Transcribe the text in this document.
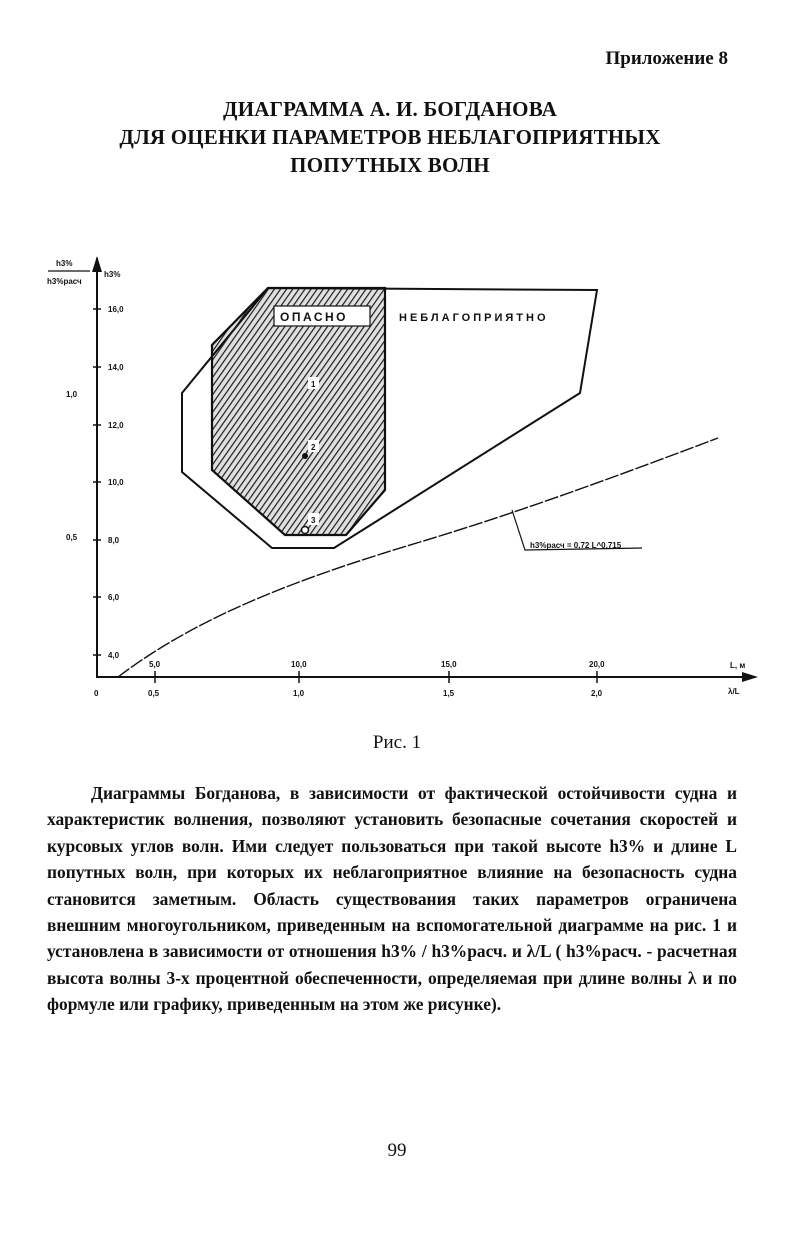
Приложение 8
ДИАГРАММА А. И. БОГДАНОВА
ДЛЯ ОЦЕНКИ ПАРАМЕТРОВ НЕБЛАГОПРИЯТНЫХ
ПОПУТНЫХ ВОЛН
h3%
h3%расч
h3%
L, м
λ/L
4,0
6,0
8,0
10,0
12,0
14,0
16,0
0,5
1,0
5,0	10,0	15,0	20,0
0	0,5	1,0	1,5	2,0
ОПАСНО	НЕБЛАГОПРИЯТНО
1
2
3
h3%расч = 0,72 L^0,715
Рис. 1

Диаграммы Богданова, в зависимости от фактической остойчивости судна и характеристик волнения, позволяют установить безопасные сочетания скоростей и курсовых углов волн. Ими следует пользоваться при такой высоте h3% и длине L попутных волн, при которых их неблагоприятное влияние на безопасность судна становится заметным. Область существования таких параметров ограничена внешним многоугольником, приведенным на вспомогательной диаграмме на рис. 1 и установлена в зависимости от отношения h3% / h3%расч. и λ/L ( h3%расч. - расчетная высота волны 3-х процентной обеспеченности, определяемая при длине волны λ и по формуле или графику, приведенным на этом же рисунке).

99
